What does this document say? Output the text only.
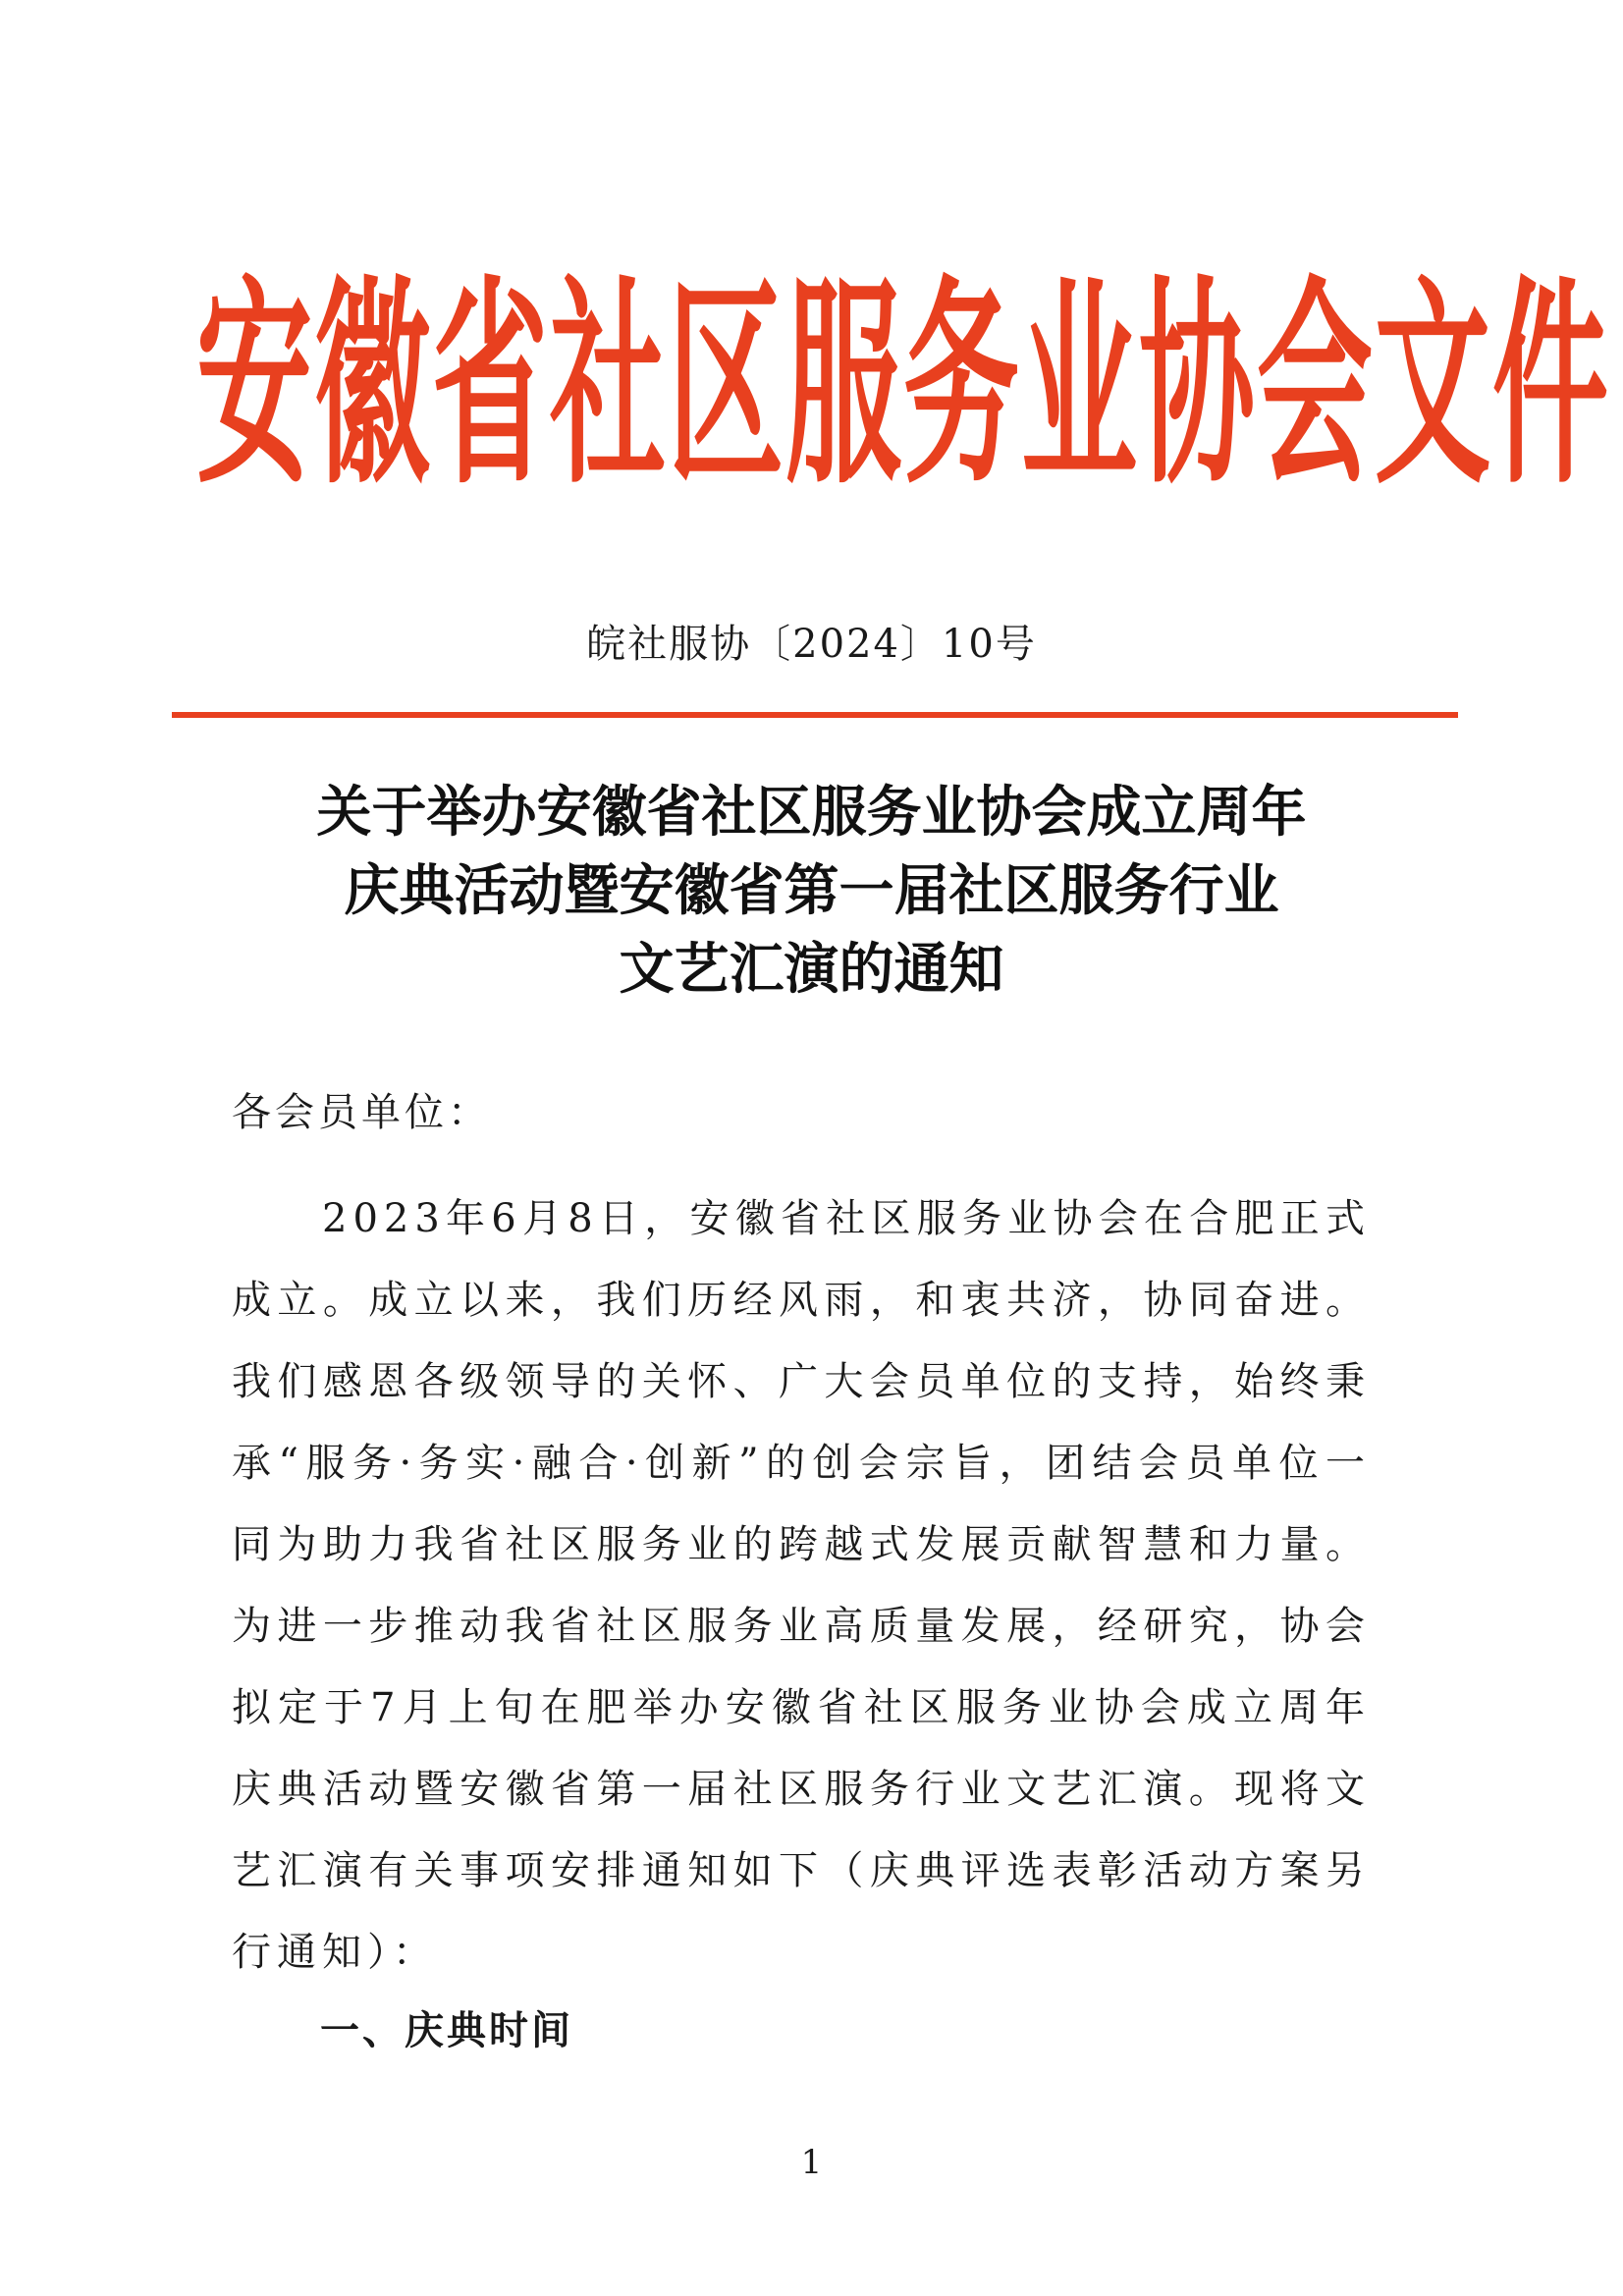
安徽省社区服务业协会文件
皖社服协〔2024〕10号
关于举办安徽省社区服务业协会成立周年
庆典活动暨安徽省第一届社区服务行业
文艺汇演的通知
各会员单位：
2023年6月8日，安徽省社区服务业协会在合肥正式成立。成立以来，我们历经风雨，和衷共济，协同奋进。我们感恩各级领导的关怀、广大会员单位的支持，始终秉承“服务·务实·融合·创新”的创会宗旨，团结会员单位一同为助力我省社区服务业的跨越式发展贡献智慧和力量。为进一步推动我省社区服务业高质量发展，经研究，协会拟定于7月上旬在肥举办安徽省社区服务业协会成立周年庆典活动暨安徽省第一届社区服务行业文艺汇演。现将文艺汇演有关事项安排通知如下（庆典评选表彰活动方案另行通知）：
一、庆典时间
1
